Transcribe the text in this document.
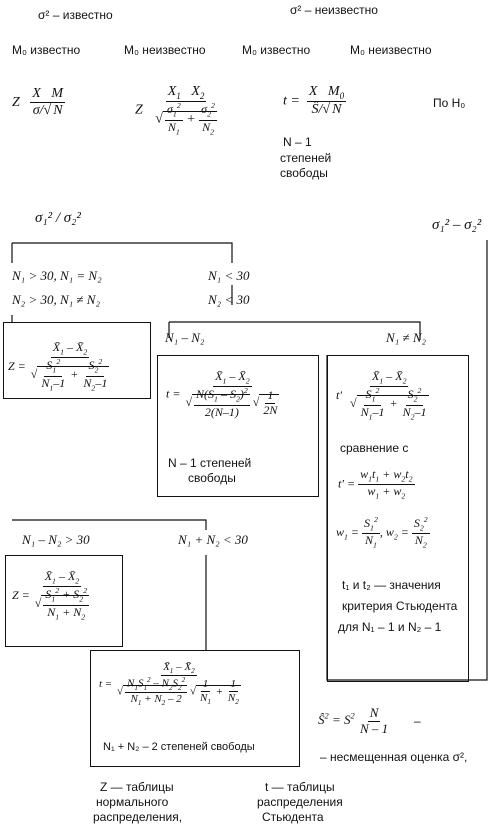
σ² – известно	σ² – неизвестно
M₀ известно	M₀ неизвестно	M₀ известно	M₀ неизвестно
Z $\frac{\text{X   M}}{\sigma/√ N}$	Z $\frac{X_1 X_2}{√ \frac{\sigma_1^2}{N_1} + \frac{\sigma_2^2}{N_2}}$	$t = \frac{X M_0}{Ŝ/√ N}$	По H₀
N – 1
степеней
свободы
σ₁² / σ₂²	σ₁² – σ₂²
N₁ > 30, N₁ = N₂
N₂ > 30, N₁ ≠ N₂
N₁ < 30
N₂ < 30
N₁ – N₂	N₁ ≠ N₂
$Z = \frac{X̄_1 - X̄_2}{√ \frac{S_1^2}{N_1-1} + \frac{S_2^2}{N_2-1}}$
$t = \frac{X̄_1 - X̄_2}{√ \frac{N(S_1 - S_2)^2}{2(N-1)} √ \frac{1}{2N}}$
N – 1 степеней
свободы
$t' \frac{X̄_1 - X̄_2}{√ \frac{S_1^2}{N_1-1} + \frac{S_2^2}{N_2-1}}$
сравнение с
$t' = \frac{w_1t_1 + w_2t_2}{w_1 + w_2}$
$w_1 = \frac{S_1^2}{N_1}$ , $w_2 = \frac{S_2^2}{N_2}$
t₁ и t₂ — значения
критерия Стьюдента
для N₁ – 1 и N₂ – 1
N₁ – N₂ > 30	N₁ + N₂ < 30
$Z = \frac{X̄_1 - X̄_2}{√ \frac{S_1^2 + S_2^2}{N_1 + N_2}}$
$t = \frac{X̄_1 - X̄_2}{√ \frac{N_1S_1^2 - N_2S_2^2}{N_1 + N_2 - 2} √ \frac{1}{N_1} + \frac{1}{N_2}}$
N₁ + N₂ – 2 степеней свободы
$Ŝ^2 = S^2 \frac{N}{N - 1}$ –
– несмещенная оценка σ²,
Z — таблицы
нормального
распределения,
t — таблицы
распределения
Стьюдента
